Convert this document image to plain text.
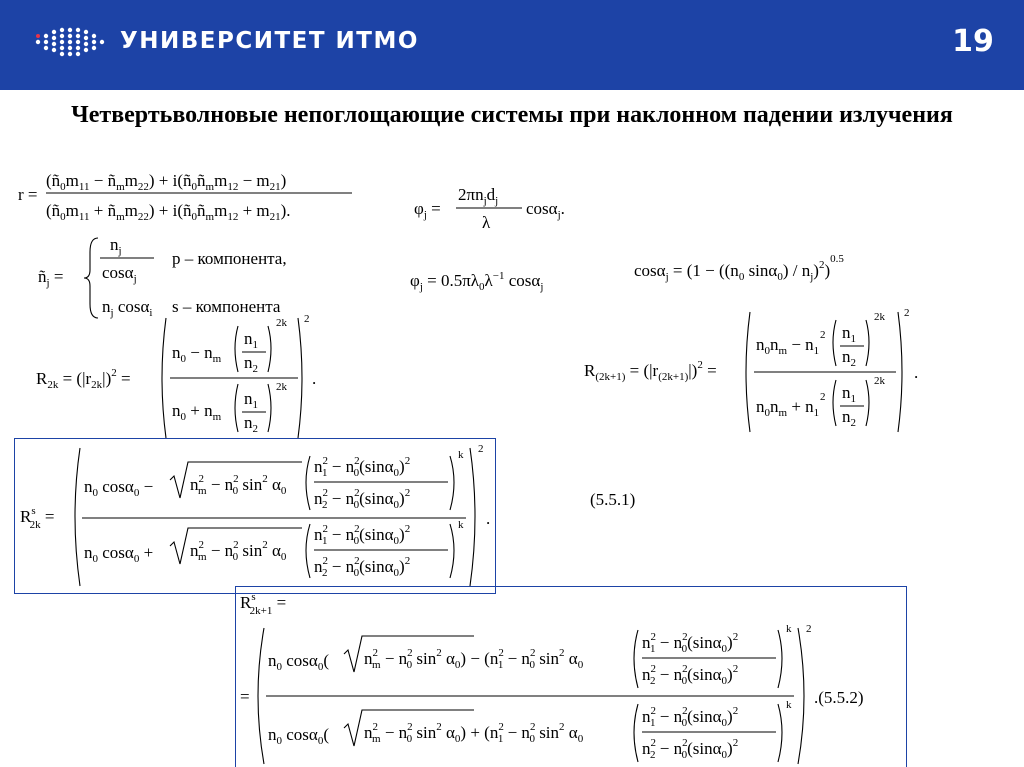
УНИВЕРСИТЕТ ИТМО	19
Четвертьволновые непоглощающие системы при наклонном падении излучения
r =
($ñ_0m_{11}$ − $ñ_mm_{22}$) + $i(ñ_0ñ_mm_{12} - m_{21})$
($ñ_0m_{11}$ + $ñ_mm_{22}$) + $i(ñ_0ñ_mm_{12} + m_{21})$.	$\varphi_j$ =
$2\pi n_jd_j$
λ
cosα$_j$.
$ñ_j$ =
$n_j$
cosα$_j$
p – компонента,
$n_j$ cosα$_i$ s – компонента
$\varphi_j = 0.5\pi\lambda_0\lambda^{-1}$ cosα$_j$
$\cos\alpha_j = (1 - ((n_0$ $\sin\alpha_0) / n_j)^2)^{0.5}$
$R_{2k} = (|r_{2k}|)^2$ =
$n_0 - n_m$
$n_1$
$n_2$
2k
$n_0 + n_m$
$n_1$
$n_2$
2k
2
.	$R_{(2k+1)} = (|r_{(2k+1)}|)^2$ =
$n_0n_m - n_1$
2 $n_1$
$n_2$
2k
$n_0n_m + n_1$
2 $n_1$
$n_2$
2k
2
.
$R^s$ 2k =
$n_0$ $\cos\alpha_0 - n^2$ $m - n^2$ 0 $\sin^2 \alpha_0$
$n^2$ $1 - n^2$ $0(\sin\alpha_0)^2$
$n^2$ $2 - n^2$ $0(\sin\alpha_0)^2$
k
$n_0$ $\cos\alpha_0 + n^2$ $m - n^2$ 0 $\sin^2 \alpha_0$
$n^2$ $1 - n^2$ $0(\sin\alpha_0)^2$
$n^2$ $2 - n^2$ $0(\sin\alpha_0)^2$
k
2
.
(5.5.1)
$R^s$ 2k+1 =
=
$n_0$ cosα$_0$( $n^2$ $m - n^2$ 0 $\sin^2 \alpha_0) - (n^2$ $1 - n^2$ 0 $\sin^2 \alpha_0$
$n^2$ $1 - n^2$ $0(\sin\alpha_0)^2$
$n^2$ $2 - n^2$ $0(\sin\alpha_0)^2$
k
$n_0$ cosα$_0$( $n^2$ $m - n^2$ 0 $\sin^2 \alpha_0) + (n^2$ $1 - n^2$ 0 $\sin^2 \alpha_0$
$n^2$ $1 - n^2$ $0(\sin\alpha_0)^2$
$n^2$ $2 - n^2$ $0(\sin\alpha_0)^2$
k
2
.(5.5.2)
